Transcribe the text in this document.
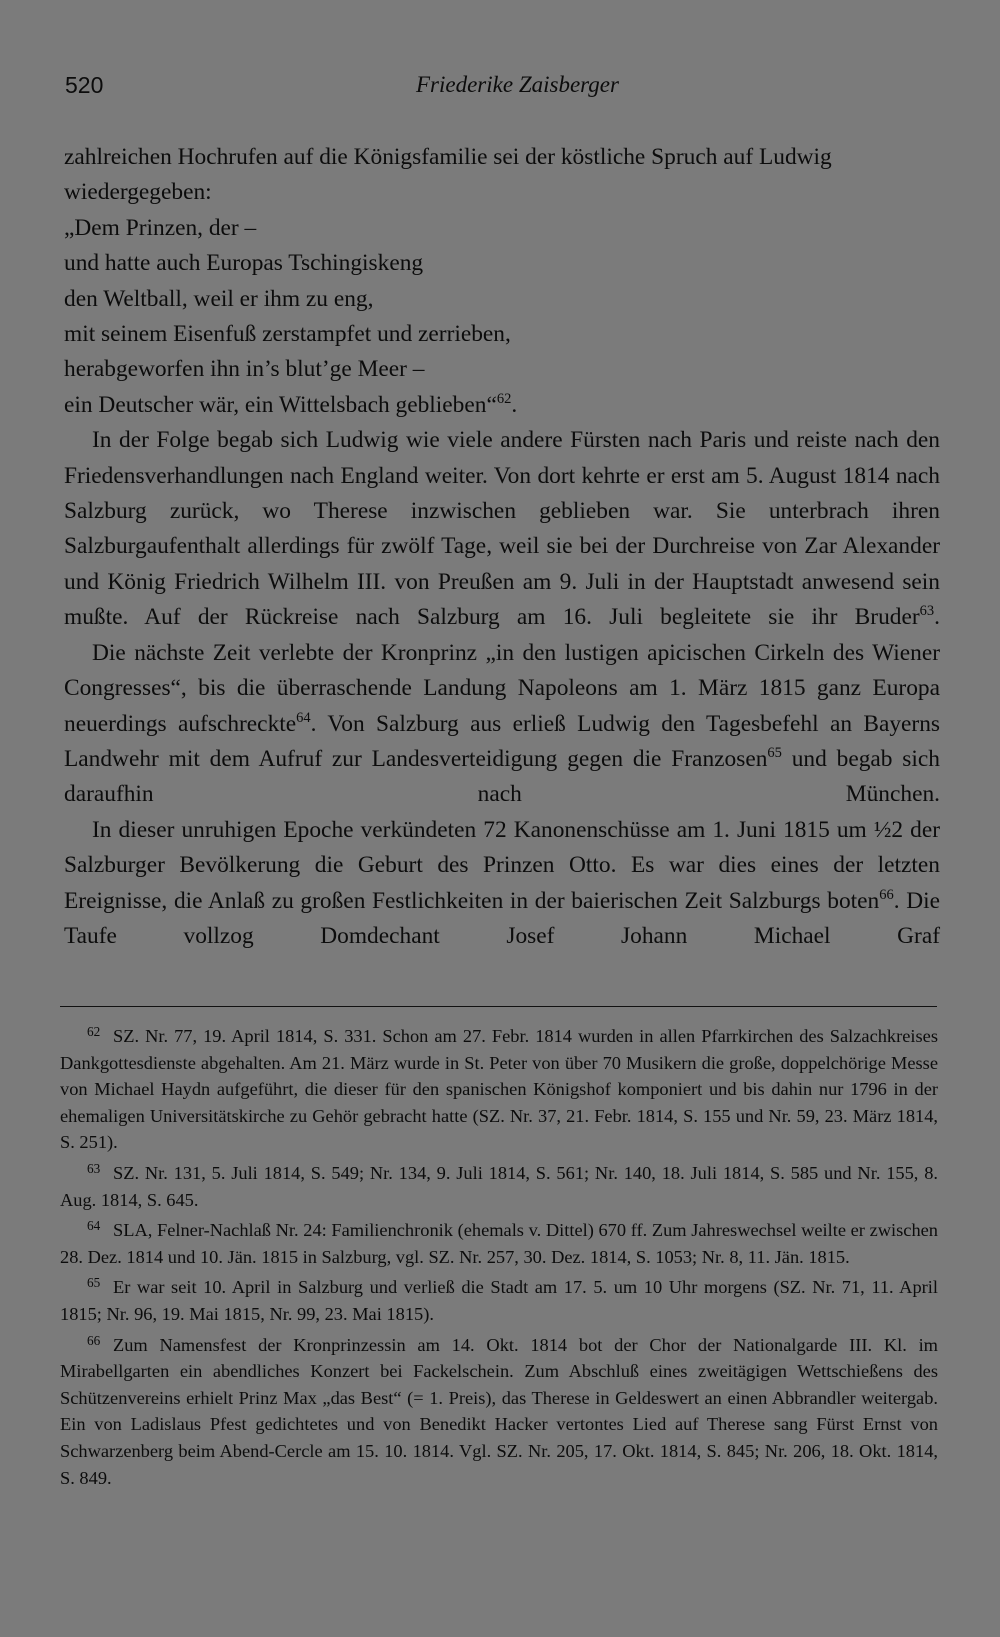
520	Friederike Zaisberger
zahlreichen Hochrufen auf die Königsfamilie sei der köstliche Spruch auf Ludwig
wiedergegeben:
„Dem Prinzen, der –
und hatte auch Europas Tschingiskeng
den Weltball, weil er ihm zu eng,
mit seinem Eisenfuß zerstampfet und zerrieben,
herabgeworfen ihn in’s blut’ge Meer –
ein Deutscher wär, ein Wittelsbach geblieben“$^{62}$.

In der Folge begab sich Ludwig wie viele andere Fürsten nach Paris und reiste nach den Friedensverhandlungen nach England weiter. Von dort kehrte er erst am 5. August 1814 nach Salzburg zurück, wo Therese inzwischen geblieben war. Sie unterbrach ihren Salzburgaufenthalt allerdings für zwölf Tage, weil sie bei der Durchreise von Zar Alexander und König Friedrich Wilhelm III. von Preußen am 9. Juli in der Hauptstadt anwesend sein mußte. Auf der Rückreise nach Salzburg am 16. Juli begleitete sie ihr Bruder$^{63}$.

Die nächste Zeit verlebte der Kronprinz „in den lustigen apicischen Cirkeln des Wiener Congresses“, bis die überraschende Landung Napoleons am 1. März 1815 ganz Europa neuerdings aufschreckte$^{64}$. Von Salzburg aus erließ Ludwig den Tagesbefehl an Bayerns Landwehr mit dem Aufruf zur Landesverteidigung gegen die Franzosen$^{65}$ und begab sich daraufhin nach München.

In dieser unruhigen Epoche verkündeten 72 Kanonenschüsse am 1. Juni 1815 um ½2 der Salzburger Bevölkerung die Geburt des Prinzen Otto. Es war dies eines der letzten Ereignisse, die Anlaß zu großen Festlichkeiten in der baierischen Zeit Salzburgs boten$^{66}$. Die Taufe vollzog Domdechant Josef Johann Michael Graf

62 SZ. Nr. 77, 19. April 1814, S. 331. Schon am 27. Febr. 1814 wurden in allen Pfarrkirchen des Salzachkreises Dankgottesdienste abgehalten. Am 21. März wurde in St. Peter von über 70 Musikern die große, doppelchörige Messe von Michael Haydn aufgeführt, die dieser für den spanischen Königshof komponiert und bis dahin nur 1796 in der ehemaligen Universitätskirche zu Gehör gebracht hatte (SZ. Nr. 37, 21. Febr. 1814, S. 155 und Nr. 59, 23. März 1814, S. 251).

63 SZ. Nr. 131, 5. Juli 1814, S. 549; Nr. 134, 9. Juli 1814, S. 561; Nr. 140, 18. Juli 1814, S. 585 und Nr. 155, 8. Aug. 1814, S. 645.

64 SLA, Felner-Nachlaß Nr. 24: Familienchronik (ehemals v. Dittel) 670 ff. Zum Jahreswechsel weilte er zwischen 28. Dez. 1814 und 10. Jän. 1815 in Salzburg, vgl. SZ. Nr. 257, 30. Dez. 1814, S. 1053; Nr. 8, 11. Jän. 1815.

65 Er war seit 10. April in Salzburg und verließ die Stadt am 17. 5. um 10 Uhr morgens (SZ. Nr. 71, 11. April 1815; Nr. 96, 19. Mai 1815, Nr. 99, 23. Mai 1815).

66 Zum Namensfest der Kronprinzessin am 14. Okt. 1814 bot der Chor der Nationalgarde III. Kl. im Mirabellgarten ein abendliches Konzert bei Fackelschein. Zum Abschluß eines zweitägigen Wettschießens des Schützenvereins erhielt Prinz Max „das Best“ (= 1. Preis), das Therese in Geldeswert an einen Abbrandler weitergab. Ein von Ladislaus Pfest gedichtetes und von Benedikt Hacker vertontes Lied auf Therese sang Fürst Ernst von Schwarzenberg beim Abend-Cercle am 15. 10. 1814. Vgl. SZ. Nr. 205, 17. Okt. 1814, S. 845; Nr. 206, 18. Okt. 1814, S. 849.
